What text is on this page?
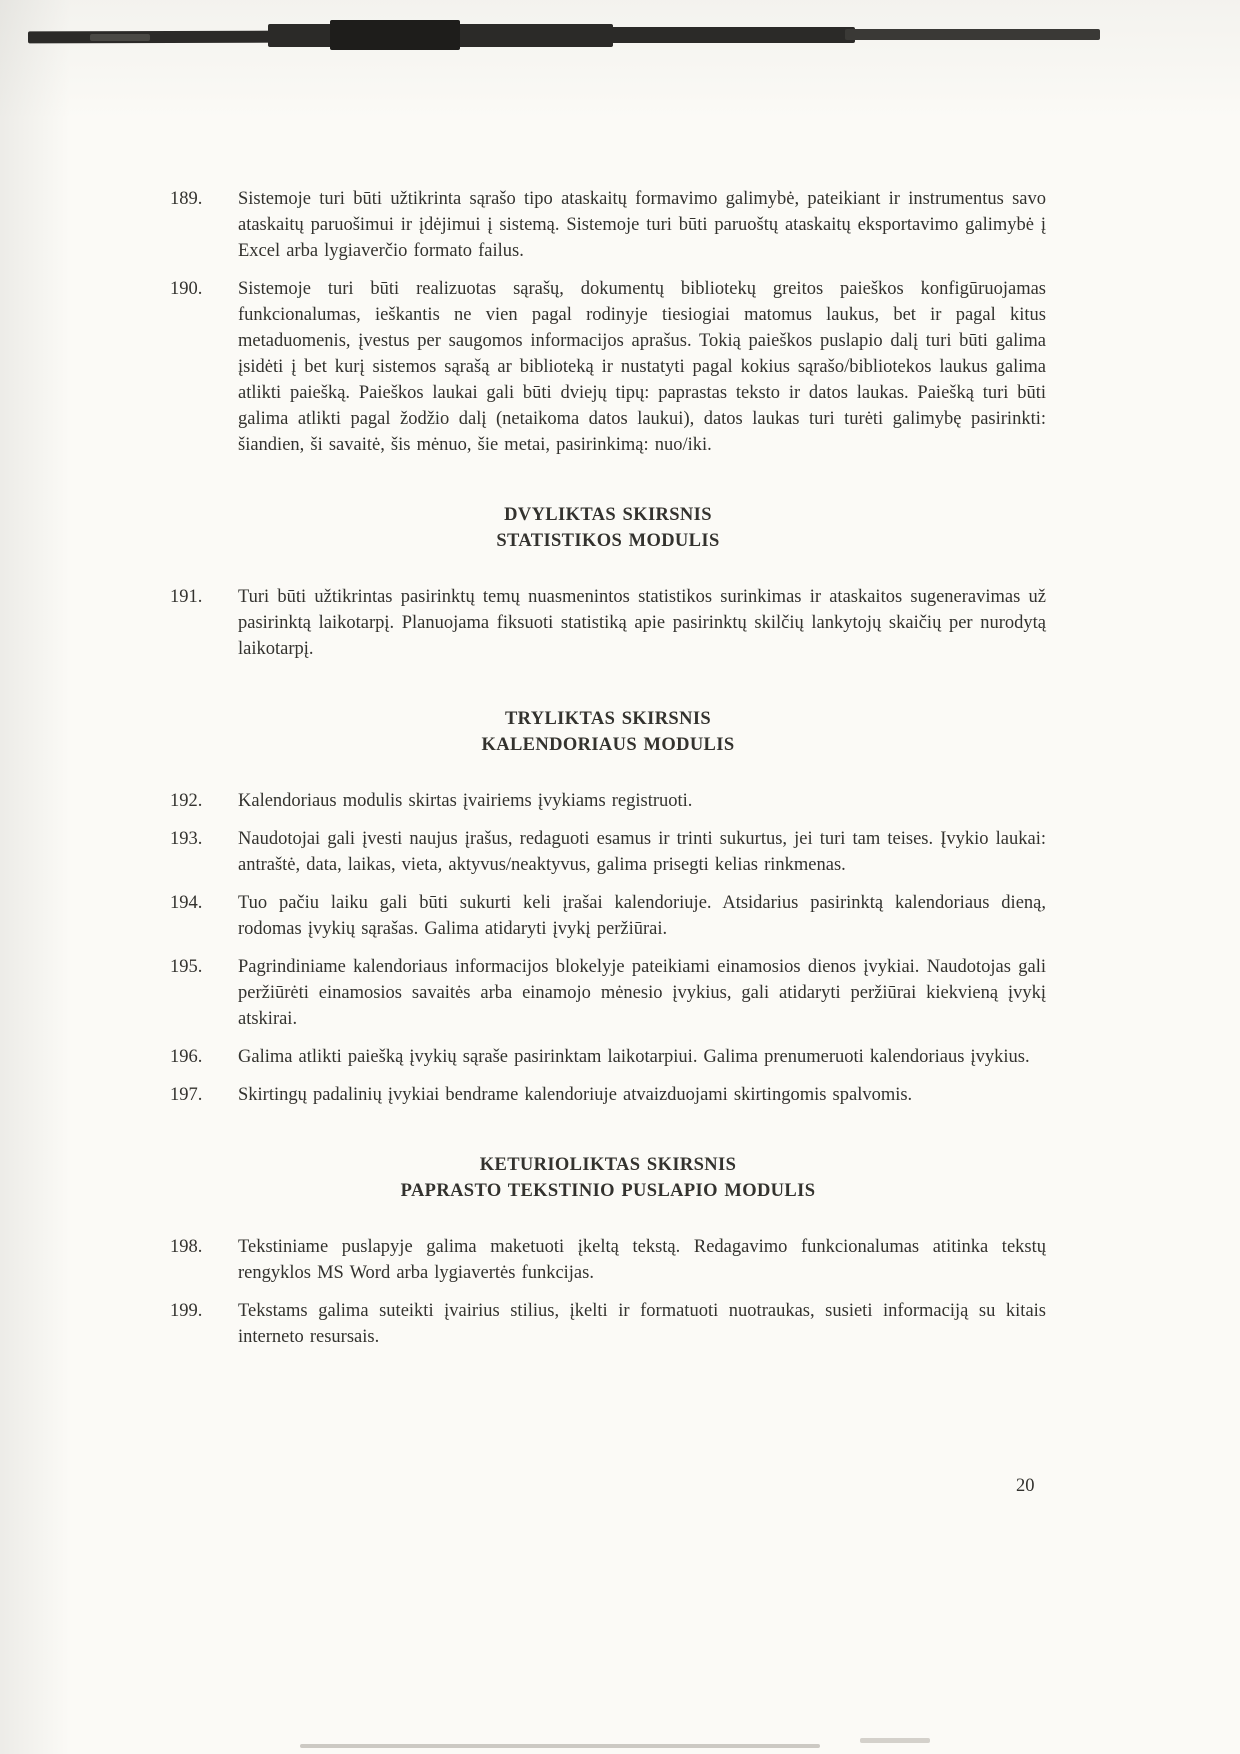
189.	Sistemoje turi būti užtikrinta sąrašo tipo ataskaitų formavimo galimybė, pateikiant ir instrumentus savo ataskaitų paruošimui ir įdėjimui į sistemą. Sistemoje turi būti paruoštų ataskaitų eksportavimo galimybė į Excel arba lygiaverčio formato failus.

190.	Sistemoje turi būti realizuotas sąrašų, dokumentų bibliotekų greitos paieškos konfigūruojamas funkcionalumas, ieškantis ne vien pagal rodinyje tiesiogiai matomus laukus, bet ir pagal kitus metaduomenis, įvestus per saugomos informacijos aprašus. Tokią paieškos puslapio dalį turi būti galima įsidėti į bet kurį sistemos sąrašą ar biblioteką ir nustatyti pagal kokius sąrašo/bibliotekos laukus galima atlikti paiešką. Paieškos laukai gali būti dviejų tipų: paprastas teksto ir datos laukas. Paiešką turi būti galima atlikti pagal žodžio dalį (netaikoma datos laukui), datos laukas turi turėti galimybę pasirinkti: šiandien, ši savaitė, šis mėnuo, šie metai, pasirinkimą: nuo/iki.

DVYLIKTAS SKIRSNIS
STATISTIKOS MODULIS
191.	Turi būti užtikrintas pasirinktų temų nuasmenintos statistikos surinkimas ir ataskaitos sugeneravimas už pasirinktą laikotarpį. Planuojama fiksuoti statistiką apie pasirinktų skilčių lankytojų skaičių per nurodytą laikotarpį.

TRYLIKTAS SKIRSNIS
KALENDORIAUS MODULIS
192.	Kalendoriaus modulis skirtas įvairiems įvykiams registruoti.

193.	Naudotojai gali įvesti naujus įrašus, redaguoti esamus ir trinti sukurtus, jei turi tam teises. Įvykio laukai: antraštė, data, laikas, vieta, aktyvus/neaktyvus, galima prisegti kelias rinkmenas.

194.	Tuo pačiu laiku gali būti sukurti keli įrašai kalendoriuje. Atsidarius pasirinktą kalendoriaus dieną, rodomas įvykių sąrašas. Galima atidaryti įvykį peržiūrai.

195.	Pagrindiniame kalendoriaus informacijos blokelyje pateikiami einamosios dienos įvykiai. Naudotojas gali peržiūrėti einamosios savaitės arba einamojo mėnesio įvykius, gali atidaryti peržiūrai kiekvieną įvykį atskirai.

196.	Galima atlikti paiešką įvykių sąraše pasirinktam laikotarpiui. Galima prenumeruoti kalendoriaus įvykius.

197.	Skirtingų padalinių įvykiai bendrame kalendoriuje atvaizduojami skirtingomis spalvomis.

KETURIOLIKTAS SKIRSNIS
PAPRASTO TEKSTINIO PUSLAPIO MODULIS
198.	Tekstiniame puslapyje galima maketuoti įkeltą tekstą. Redagavimo funkcionalumas atitinka tekstų rengyklos MS Word arba lygiavertės funkcijas.

199.	Tekstams galima suteikti įvairius stilius, įkelti ir formatuoti nuotraukas, susieti informaciją su kitais interneto resursais.

20
